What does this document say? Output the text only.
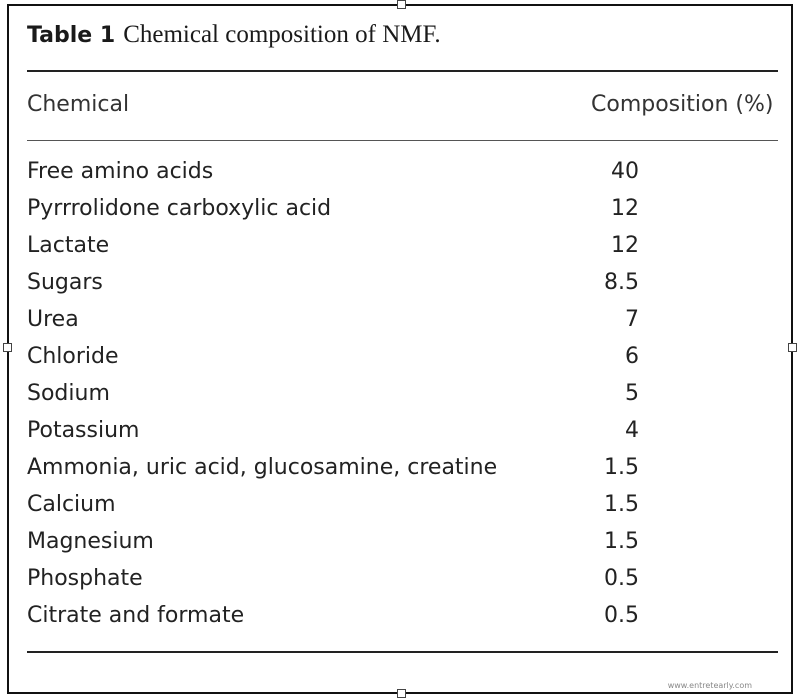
Table 1 Chemical composition of NMF.
Chemical	Composition (%)
Free amino acids	40
Pyrrrolidone carboxylic acid	12
Lactate	12
Sugars	8.5
Urea	7
Chloride	6
Sodium	5
Potassium	4
Ammonia, uric acid, glucosamine, creatine	1.5
Calcium	1.5
Magnesium	1.5
Phosphate	0.5
Citrate and formate	0.5
www.entretearly.com
